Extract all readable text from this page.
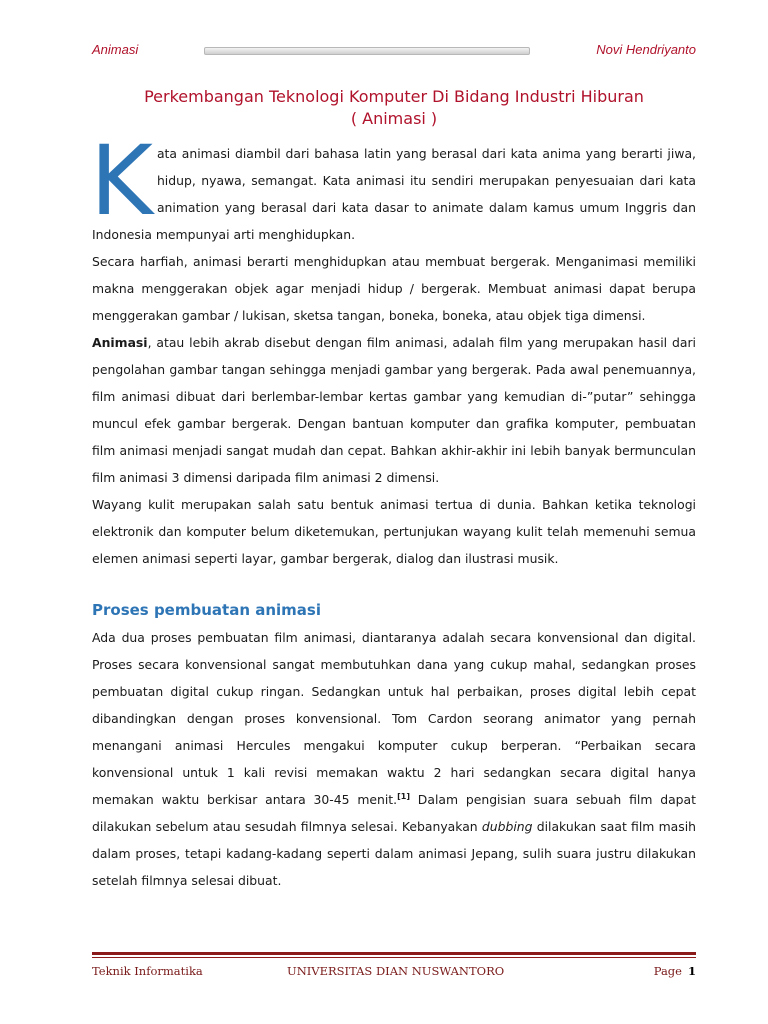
Animasi	Novi Hendriyanto
Perkembangan Teknologi Komputer Di Bidang Industri Hiburan
( Animasi )

Kata animasi diambil dari bahasa latin yang berasal dari kata anima yang berarti jiwa, hidup, nyawa, semangat. Kata animasi itu sendiri merupakan penyesuaian dari kata animation yang berasal dari kata dasar to animate dalam kamus umum Inggris dan Indonesia mempunyai arti menghidupkan.

Secara harfiah, animasi berarti menghidupkan atau membuat bergerak. Menganimasi memiliki makna menggerakan objek agar menjadi hidup / bergerak. Membuat animasi dapat berupa menggerakan gambar / lukisan, sketsa tangan, boneka, boneka, atau objek tiga dimensi.

Animasi, atau lebih akrab disebut dengan film animasi, adalah film yang merupakan hasil dari pengolahan gambar tangan sehingga menjadi gambar yang bergerak. Pada awal penemuannya, film animasi dibuat dari berlembar-lembar kertas gambar yang kemudian di-”putar” sehingga muncul efek gambar bergerak. Dengan bantuan komputer dan grafika komputer, pembuatan film animasi menjadi sangat mudah dan cepat. Bahkan akhir-akhir ini lebih banyak bermunculan film animasi 3 dimensi daripada film animasi 2 dimensi.

Wayang kulit merupakan salah satu bentuk animasi tertua di dunia. Bahkan ketika teknologi elektronik dan komputer belum diketemukan, pertunjukan wayang kulit telah memenuhi semua elemen animasi seperti layar, gambar bergerak, dialog dan ilustrasi musik.

Proses pembuatan animasi

Ada dua proses pembuatan film animasi, diantaranya adalah secara konvensional dan digital. Proses secara konvensional sangat membutuhkan dana yang cukup mahal, sedangkan proses pembuatan digital cukup ringan. Sedangkan untuk hal perbaikan, proses digital lebih cepat dibandingkan dengan proses konvensional. Tom Cardon seorang animator yang pernah menangani animasi Hercules mengakui komputer cukup berperan. “Perbaikan secara konvensional untuk 1 kali revisi memakan waktu 2 hari sedangkan secara digital hanya memakan waktu berkisar antara 30-45 menit.[1] Dalam pengisian suara sebuah film dapat dilakukan sebelum atau sesudah filmnya selesai. Kebanyakan dubbing dilakukan saat film masih dalam proses, tetapi kadang-kadang seperti dalam animasi Jepang, sulih suara justru dilakukan setelah filmnya selesai dibuat.

Teknik Informatika	UNIVERSITAS DIAN NUSWANTORO	Page 1
